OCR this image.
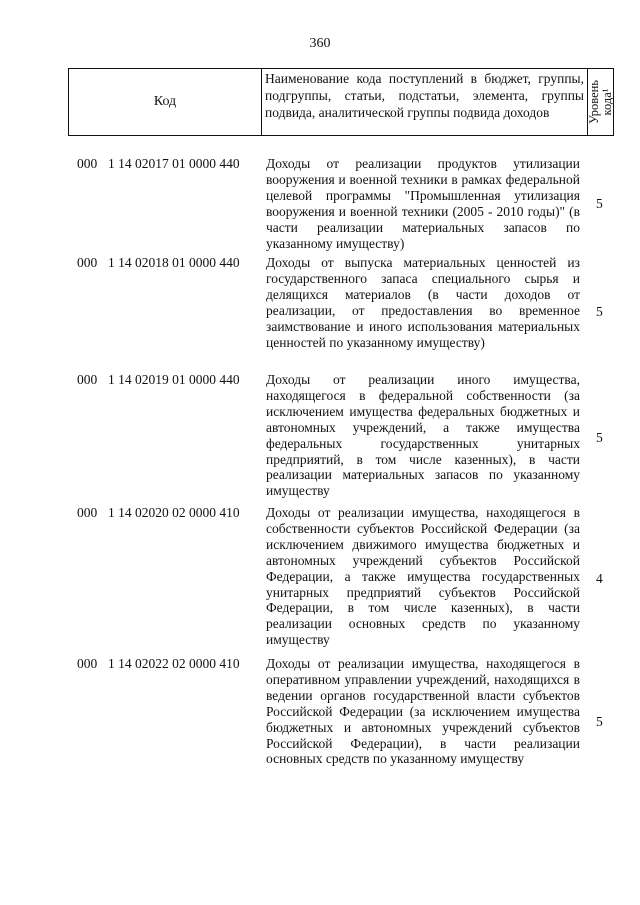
360
Код
Наименование кода поступлений в бюджет, группы, подгруппы, статьи, подстатьи, элемента, группы подвида, аналитической группы подвида доходов	Уровень кода¹
000 1 14 02017 01 0000 440 Доходы от реализации продуктов утилизации вооружения и военной техники в рамках федеральной целевой программы "Промышленная утилизация вооружения и военной техники (2005 - 2010 годы)" (в части реализации материальных запасов по указанному имуществу)
5
000 1 14 02018 01 0000 440 Доходы от выпуска материальных ценностей из государственного запаса специального сырья и делящихся материалов (в части доходов от реализации, от предоставления во временное заимствование и иного использования материальных ценностей по указанному имуществу)
5
000 1 14 02019 01 0000 440 Доходы от реализации иного имущества, находящегося в федеральной собственности (за исключением имущества федеральных бюджетных и автономных учреждений, а также имущества федеральных государственных унитарных предприятий, в том числе казенных), в части реализации материальных запасов по указанному имуществу
5
000 1 14 02020 02 0000 410 Доходы от реализации имущества, находящегося в собственности субъектов Российской Федерации (за исключением движимого имущества бюджетных и автономных учреждений субъектов Российской Федерации, а также имущества государственных унитарных предприятий субъектов Российской Федерации, в том числе казенных), в части реализации основных средств по указанному имуществу
4
000 1 14 02022 02 0000 410 Доходы от реализации имущества, находящегося в оперативном управлении учреждений, находящихся в ведении органов государственной власти субъектов Российской Федерации (за исключением имущества бюджетных и автономных учреждений субъектов Российской Федерации), в части реализации основных средств по указанному имуществу
5
